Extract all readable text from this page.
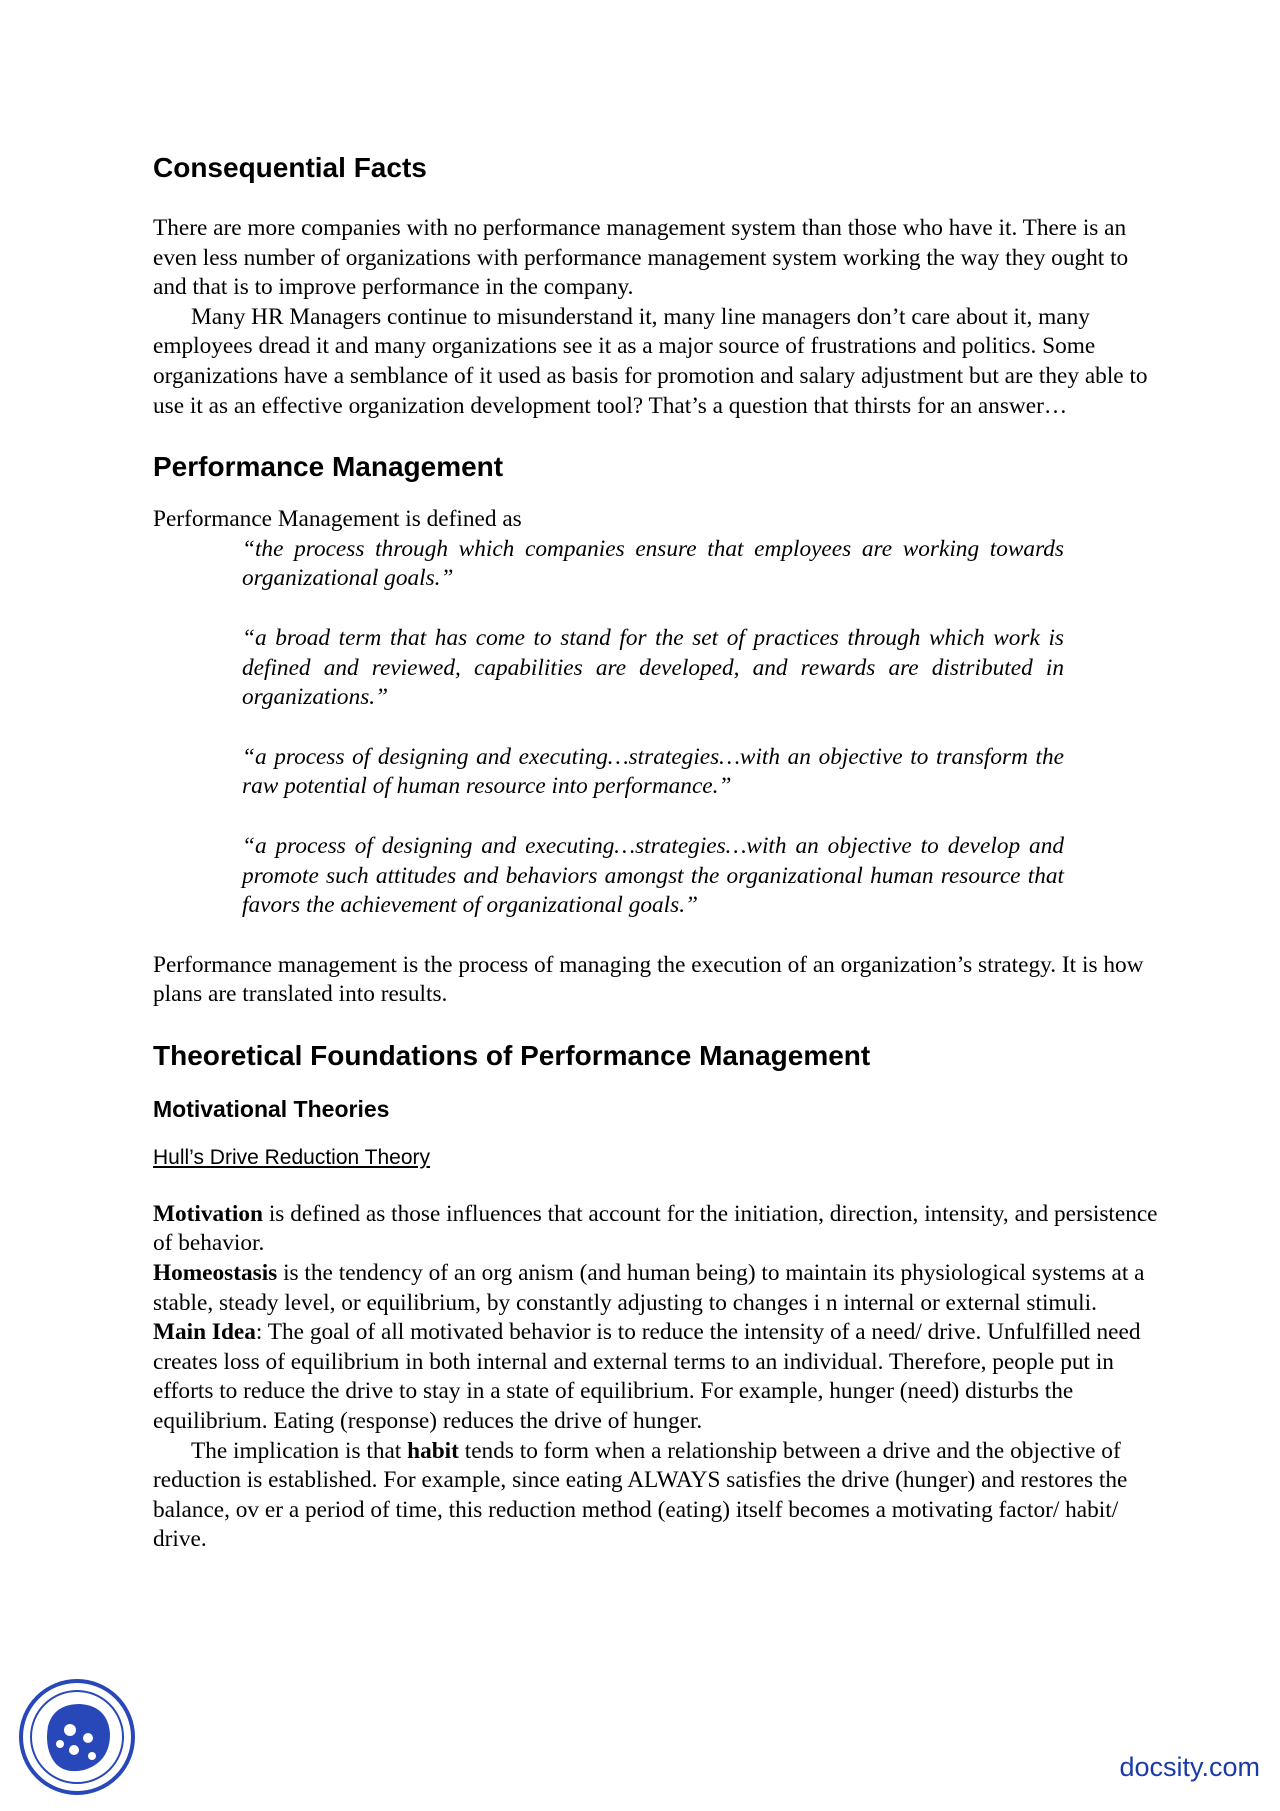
Consequential Facts

There are more companies with no performance management system than those who have it. There is an even less number of organizations with performance management system working the way they ought to and that is to improve performance in the company.

Many HR Managers continue to misunderstand it, many line managers don’t care about it, many employees dread it and many organizations see it as a major source of frustrations and politics. Some organizations have a semblance of it used as basis for promotion and salary adjustment but are they able to use it as an effective organization development tool? That’s a question that thirsts for an answer…

Performance Management

Performance Management is defined as

“the process through which companies ensure that employees are working towards organizational goals.”

“a broad term that has come to stand for the set of practices through which work is defined and reviewed, capabilities are developed, and rewards are distributed in organizations.”

“a process of designing and executing…strategies…with an objective to transform the raw potential of human resource into performance.”

“a process of designing and executing…strategies…with an objective to develop and promote such attitudes and behaviors amongst the organizational human resource that favors the achievement of organizational goals.”

Performance management is the process of managing the execution of an organization’s strategy. It is how plans are translated into results.

Theoretical Foundations of Performance Management
Motivational Theories

Hull’s Drive Reduction Theory

Motivation is defined as those influences that account for the initiation, direction, intensity, and persistence of behavior.

Homeostasis is the tendency of an org anism (and human being) to maintain its physiological systems at a stable, steady level, or equilibrium, by constantly adjusting to changes i n internal or external stimuli.

Main Idea: The goal of all motivated behavior is to reduce the intensity of a need/ drive. Unfulfilled need creates loss of equilibrium in both internal and external terms to an individual. Therefore, people put in efforts to reduce the drive to stay in a state of equilibrium. For example, hunger (need) disturbs the equilibrium. Eating (response) reduces the drive of hunger.

The implication is that habit tends to form when a relationship between a drive and the objective of reduction is established. For example, since eating ALWAYS satisfies the drive (hunger) and restores the balance, ov er a period of time, this reduction method (eating) itself becomes a motivating factor/ habit/ drive.

docsity.com
